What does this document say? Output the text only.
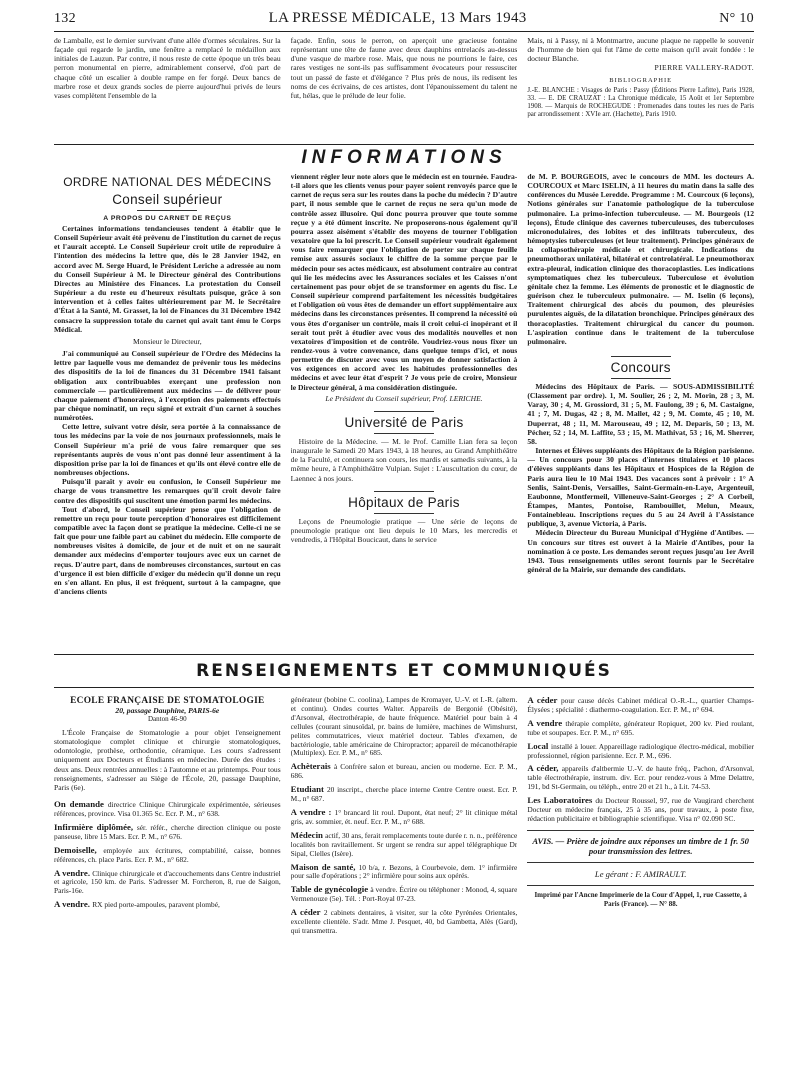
132	LA PRESSE MÉDICALE, 13 Mars 1943	N° 10

de Lamballe, est le dernier survivant d'une allée d'ormes séculaires. Sur la façade qui regarde le jardin, une fenêtre a remplacé le médaillon aux initiales de Lauzun. Par contre, il nous reste de cette époque un très beau perron monumental en pierre, admirablement conservé, d'où part de chaque côté un escalier à double rampe en fer forgé. Deux bancs de marbre rose et deux grands socles de pierre aujourd'hui privés de leurs vases complètent l'ensemble de la

façade. Enfin, sous le perron, on aperçoit une gracieuse fontaine représentant une tête de faune avec deux dauphins entrelacés au-dessus d'une vasque de marbre rose. Mais, que nous ne pourrions le faire, ces rares vestiges ne sont-ils pas suffisamment évocateurs pour ressusciter tout un passé de faste et d'élégance ? Plus près de nous, ils redisent les noms de ces écrivains, de ces artistes, dont l'épanouissement du talent ne fut, hélas, que le prélude de leur folie.

Mais, ni à Passy, ni à Montmartre, aucune plaque ne rappelle le souvenir de l'homme de bien qui fut l'âme de cette maison qu'il avait fondée : le docteur Blanche.

PIERRE VALLERY-RADOT.

BIBLIOGRAPHIE

J.-E. BLANCHE : Visages de Paris : Passy (Éditions Pierre Lafitte), Paris 1928, 33. — E. DE CRAUZAT : La Chronique médicale, 15 Août et 1er Septembre 1908. — Marquis de ROCHEGUDE : Promenades dans toutes les rues de Paris par arrondissement : XVIe arr. (Hachette), Paris 1910.

INFORMATIONS
ORDRE NATIONAL DES MÉDECINS
Conseil supérieur
A PROPOS DU CARNET DE REÇUS

Certaines informations tendancieuses tendent à établir que le Conseil Supérieur avait été prévenu de l'institution du carnet de reçus et l'aurait accepté. Le Conseil Supérieur croit utile de reproduire à l'intention des médecins la lettre que, dès le 28 Janvier 1942, en accord avec M. Serge Huard, le Président Leriche a adressée au nom du Conseil Supérieur à M. le Directeur général des Contributions Directes au Ministère des Finances. La protestation du Conseil Supérieur a du reste eu d'heureux résultats puisque, grâce à son intervention et à celles faites ultérieurement par M. le Secrétaire d'État à la Santé, M. Grasset, la loi de Finances du 31 Décembre 1942 consacre la suppression totale du carnet qui avait tant ému le Corps Médical.

Monsieur le Directeur,

J'ai communiqué au Conseil supérieur de l'Ordre des Médecins la lettre par laquelle vous me demandez de prévenir tous les médecins des dispositifs de la loi de finances du 31 Décembre 1941 faisant obligation aux contribuables exerçant une profession non commerciale — particulièrement aux médecins — de délivrer pour chaque paiement d'honoraires, à l'exception des paiements effectués par chèque nominatif, un reçu signé et extrait d'un carnet à souches numérotées.

Cette lettre, suivant votre désir, sera portée à la connaissance de tous les médecins par la voie de nos journaux professionnels, mais le Conseil Supérieur m'a prié de vous faire remarquer que ses représentants auprès de vous n'ont pas donné leur assentiment à la disposition prise par la loi de finances et qu'ils ont élevé contre elle de nombreuses objections.

Puisqu'il paraît y avoir eu confusion, le Conseil Supérieur me charge de vous transmettre les remarques qu'il croit devoir faire contre des dispositifs qui suscitent une émotion parmi les médecins.

Tout d'abord, le Conseil supérieur pense que l'obligation de remettre un reçu pour toute perception d'honoraires est difficilement compatible avec la façon dont se pratique la médecine. Celle-ci ne se fait que pour une faible part au cabinet du médecin. Elle comporte de nombreuses visites à domicile, de jour et de nuit et on ne saurait demander aux médecins d'emporter toujours avec eux un carnet de reçus. D'autre part, dans de nombreuses circonstances, surtout en cas d'urgence il est bien difficile d'exiger du médecin qu'il donne un reçu en s'en allant. En plus, il est fréquent, surtout à la campagne, que d'anciens clients

viennent régler leur note alors que le médecin est en tournée. Faudra-t-il alors que les clients venus pour payer soient renvoyés parce que le carnet de reçus sera sur les routes dans la poche du médecin ? D'autre part, il nous semble que le carnet de reçus ne sera qu'un mode de contrôle assez illusoire. Qui donc pourra prouver que toute somme reçue y a été dûment inscrite. Ne proposerons-nous également qu'il pourra assez aisément s'établir des moyens de tourner l'obligation vexatoire que la loi prescrit. Le Conseil supérieur voudrait également vous faire remarquer que l'obligation de porter sur chaque feuille remise aux assurés sociaux le chiffre de la somme perçue par le médecin pour ses actes médicaux, est absolument contraire au contrat qui lie les médecins avec les Assurances sociales et les Caisses n'ont certainement pas pour objet de se transformer en agents du fisc. Le Conseil supérieur comprend parfaitement les nécessités budgétaires et l'obligation où vous êtes de demander un effort supplémentaire aux médecins dans les circonstances présentes. Il comprend la nécessité où vous êtes d'organiser un contrôle, mais il croit celui-ci inopérant et il serait tout prêt à étudier avec vous des modalités nouvelles et non vexatoires d'imposition et de contrôle. Voudriez-vous nous fixer un rendez-vous à votre convenance, dans quelque temps d'ici, et nous permettre de discuter avec vous un moyen de donner satisfaction à vos exigences en accord avec les habitudes professionnelles des médecins et avec leur état d'esprit ? Je vous prie de croire, Monsieur le Directeur général, à ma considération distinguée.

Le Président du Conseil supérieur, Prof. LERICHE.

Université de Paris

Histoire de la Médecine. — M. le Prof. Camille Lian fera sa leçon inaugurale le Samedi 20 Mars 1943, à 18 heures, au Grand Amphithéâtre de la Faculté, et continuera son cours, les mardis et samedis suivants, à la même heure, à l'Amphithéâtre Vulpian. Sujet : L'auscultation du cœur, de Laennec à nos jours.

Hôpitaux de Paris

Leçons de Pneumologie pratique — Une série de leçons de pneumologie pratique ont lieu depuis le 10 Mars, les mercredis et vendredis, à l'Hôpital Boucicaut, dans le service

de M. P. BOURGEOIS, avec le concours de MM. les docteurs A. COURCOUX et Marc ISELIN, à 11 heures du matin dans la salle des conférences du Musée Leredde. Programme : M. Courcoux (6 leçons), Notions générales sur l'anatomie pathologique de la tuberculose pulmonaire. La primo-infection tuberculeuse. — M. Bourgeois (12 leçons), Étude clinique des cavernes tuberculeuses, des tuberculoses micronodulaires, des lobites et des infiltrats tuberculeux, des hémoptysies tuberculeuses (et leur traitement). Principes généraux de la collapsothérapie médicale et chirurgicale. Indications du pneumothorax unilatéral, bilatéral et controlatéral. Le pneumothorax extra-pleural, indication clinique des thoracoplasties. Les indications symptomatiques chez les tuberculeux. Tuberculose et évolution génitale chez la femme. Les éléments de pronostic et le diagnostic de guérison chez le tuberculeux pulmonaire. — M. Iselin (6 leçons), Traitement chirurgical des abcès du poumon, des pleurésies purulentes aiguës, de la dilatation bronchique. Principes généraux des thoracoplasties. Traitement chirurgical du cancer du poumon. L'aspiration continue dans le traitement de la tuberculose pulmonaire.

Concours

Médecins des Hôpitaux de Paris. — SOUS-ADMISSIBILITÉ (Classement par ordre). 1, M. Soulier, 26 ; 2, M. Morin, 28 ; 3, M. Varay, 30 ; 4, M. Grossiord, 31 ; 5, M. Faulong, 39 ; 6, M. Castaigne, 41 ; 7, M. Dugas, 42 ; 8, M. Mallet, 42 ; 9, M. Comte, 45 ; 10, M. Duperrat, 48 ; 11, M. Marouseau, 49 ; 12, M. Deparis, 50 ; 13, M. Pécher, 52 ; 14, M. Laffite, 53 ; 15, M. Mathivat, 53 ; 16, M. Sherrer, 58.

Internes et Élèves suppléants des Hôpitaux de la Région parisienne. — Un concours pour 30 places d'internes titulaires et 10 places d'élèves suppléants dans les Hôpitaux et Hospices de la Région de Paris aura lieu le 10 Mai 1943. Des vacances sont à prévoir : 1° A Senlis, Saint-Denis, Versailles, Saint-Germain-en-Laye, Argenteuil, Eaubonne, Montfermeil, Villeneuve-Saint-Georges ; 2° A Corbeil, Étampes, Mantes, Pontoise, Rambouillet, Melun, Meaux, Fontainebleau. Inscriptions reçues du 5 au 24 Avril à l'Assistance publique, 3, avenue Victoria, à Paris.

Médecin Directeur du Bureau Municipal d'Hygiène d'Antibes. — Un concours sur titres est ouvert à la Mairie d'Antibes, pour la nomination à ce poste. Les demandes seront reçues jusqu'au 1er Avril 1943. Tous renseignements utiles seront fournis par le Secrétaire général de la Mairie, sur demande des candidats.

RENSEIGNEMENTS ET COMMUNIQUÉS
ÉCOLE FRANÇAISE DE STOMATOLOGIE
20, passage Dauphine, PARIS-6e
Danton 46-90

L'École Française de Stomatologie a pour objet l'enseignement stomatologique complet clinique et chirurgie stomatologiques, odontologie, prothèse, orthodontie, céramique. Les cours s'adressent uniquement aux Docteurs et Étudiants en médecine. Durée des études : deux ans. Deux rentrées annuelles : à l'automne et au printemps. Pour tous renseignements, s'adresser au Siège de l'École, 20, passage Dauphine, Paris (6e).

On demande directrice Clinique Chirurgicale expérimentée, sérieuses références, province. Visa 01.365 Sc. Ecr. P. M., n° 638.

Infirmière diplômée, sér. référ., cherche direction clinique ou poste panseuse, libre 15 Mars. Ecr. P. M., n° 676.

Demoiselle, employée aux écritures, comptabilité, caisse, bonnes références, ch. place Paris. Ecr. P. M., n° 682.

A vendre. Clinique chirurgicale et d'accouchements dans Centre industriel et agricole, 150 km. de Paris. S'adresser M. Forcheron, 8, rue de Saigon, Paris-16e.

A vendre. RX pied porte-ampoules, paravent plombé,

générateur (bobine C. coolina), Lampes de Kromayer, U.-V. et I.-R. (altern. et continu). Ondes courtes Walter. Appareils de Bergonié (Obésité), d'Arsonval, électrothérapie, de haute fréquence. Matériel pour bain à 4 cellules (courant sinusoïdal, pr. bains de lumière, machines de Wimshurst, pelites commutatrices, vieux matériel docteur. Tables d'examen, de bactériologie, table américaine de Chiropractor; appareil de mécanothérapie (Multiplex). Ecr. P. M., n° 685.

Achèterais à Confrère salon et bureau, ancien ou moderne. Ecr. P. M., 686.

Etudiant 20 inscript., cherche place interne Centre Centre ouest. Ecr. P. M., n° 687.

A vendre : 1° brancard lit roul. Dupont, état neuf; 2° lit clinique métal gris, av. sommier, ét. neuf. Ecr. P. M., n° 688.

Médecin actif, 30 ans, ferait remplacements toute durée r. n. n., préférence localités bon ravitaillement. Sr urgent se rendra sur appel télégraphique Dr Sipal, Clelles (Isère).

Maison de santé, 10 b/a, r. Bezons, à Courbevoie, dem. 1° infirmière pour salle d'opérations ; 2° infirmière pour soins aux opérés.

Table de gynécologie à vendre. Écrire ou téléphoner : Monod, 4, square Vermenouze (5e). Tél. : Port-Royal 07-23.

A céder 2 cabinets dentaires, à visiter, sur la côte Pyrénées Orientales, excellente clientèle. S'adr. Mme J. Pesquet, 40, bd Gambetta, Alès (Gard), qui transmettra.

A céder pour cause décès Cabinet médical O.-R.-L., quartier Champs-Élysées ; spécialité : diathermo-coagulation. Ecr. P. M., n° 694.

A vendre thérapie complète, générateur Ropiquet, 200 kv. Pied roulant, tube et soupapes. Ecr. P. M., n° 695.

Local installé à louer. Appareillage radiologique électro-médical, mobilier professionnel, région parisienne. Ecr. P. M., 696.

A céder, appareils d'altbermie U.-V. de haute fréq., Pachon, d'Arsonval, table électrothérapie, instrum. div. Ecr. pour rendez-vous à Mme Delattre, 191, bd St-Germain, ou téléph., entre 20 et 21 h., à Lit. 74-53.

Les Laboratoires du Docteur Roussel, 97, rue de Vaugirard cherchent Docteur en médecine français, 25 à 35 ans, pour travaux, à poste fixe, rédaction publicitaire et bibliographie scientifique. Visa n° 02.090 SC.

AVIS. — Prière de joindre aux réponses un timbre de 1 fr. 50 pour transmission des lettres.
Le gérant : F. AMIRAULT.
Imprimé par l'Ancne Imprimerie de la Cour d'Appel, 1, rue Cassette, à Paris (France). — N° 88.
